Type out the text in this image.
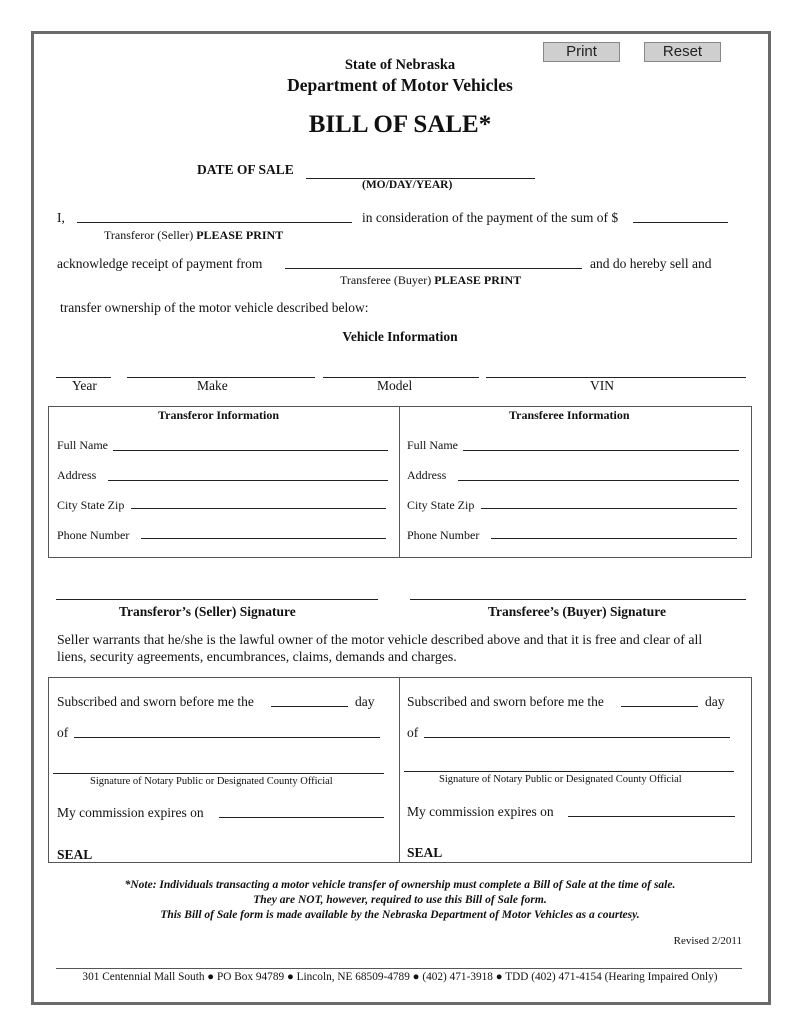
Print	Reset
State of Nebraska
Department of Motor Vehicles
BILL OF SALE*
DATE OF SALE
(MO/DAY/YEAR)
I,	in consideration of the payment of the sum of $
Transferor (Seller) PLEASE PRINT
acknowledge receipt of payment from	and do hereby sell and
Transferee (Buyer) PLEASE PRINT
transfer ownership of the motor vehicle described below:
Vehicle Information
Year	Make	Model	VIN
Transferor Information	Transferee Information
Full Name
Address
City State Zip
Phone Number
Full Name
Address
City State Zip
Phone Number
Transferor’s (Seller) Signature	Transferee’s (Buyer) Signature
Seller warrants that he/she is the lawful owner of the motor vehicle described above and that it is free and clear of all
liens, security agreements, encumbrances, claims, demands and charges.
Subscribed and sworn before me the	day
of
Signature of Notary Public or Designated County Official
My commission expires on
SEAL
Subscribed and sworn before me the	day
of
Signature of Notary Public or Designated County Official
My commission expires on
SEAL
*Note: Individuals transacting a motor vehicle transfer of ownership must complete a Bill of Sale at the time of sale.
They are NOT, however, required to use this Bill of Sale form.
This Bill of Sale form is made available by the Nebraska Department of Motor Vehicles as a courtesy.
Revised 2/2011
301 Centennial Mall South ● PO Box 94789 ● Lincoln, NE 68509-4789 ● (402) 471-3918 ● TDD (402) 471-4154 (Hearing Impaired Only)
